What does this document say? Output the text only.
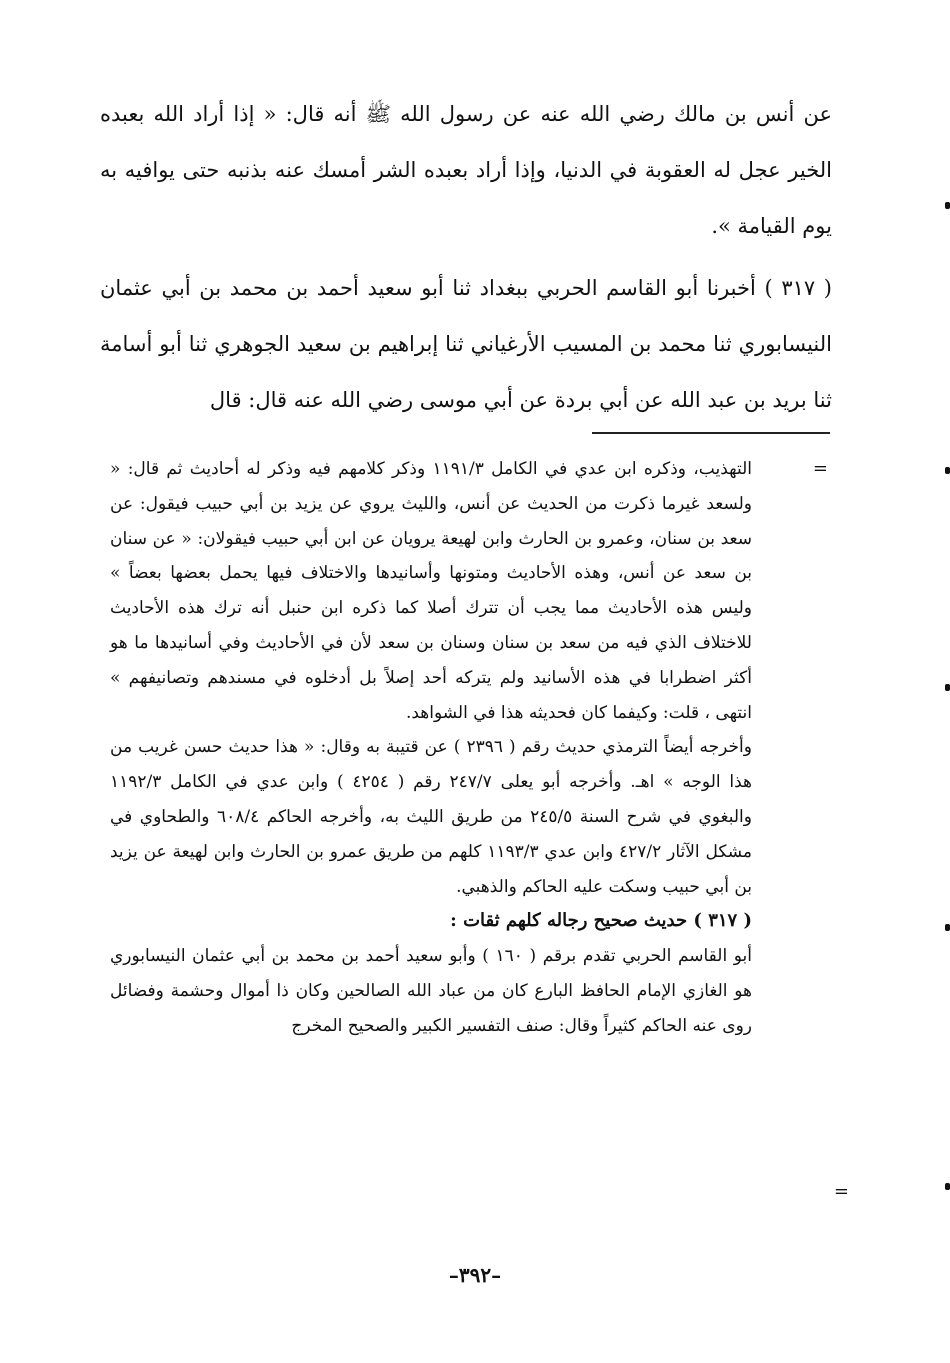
عن أنس بن مالك رضي الله عنه عن رسول الله ﷺ أنه قال: « إذا أراد الله بعبده الخير عجل له العقوبة في الدنيا، وإذا أراد بعبده الشر أمسك عنه بذنبه حتى يوافيه به يوم القيامة ».

( ٣١٧ ) أخبرنا أبو القاسم الحربي ببغداد ثنا أبو سعيد أحمد بن محمد بن أبي عثمان النيسابوري ثنا محمد بن المسيب الأرغياني ثنا إبراهيم بن سعيد الجوهري ثنا أبو أسامة ثنا بريد بن عبد الله عن أبي بردة عن أبي موسى رضي الله عنه قال: قال

=

التهذيب، وذكره ابن عدي في الكامل ١١٩١/٣ وذكر كلامهم فيه وذكر له أحاديث ثم قال: « ولسعد غيرما ذكرت من الحديث عن أنس، والليث يروي عن يزيد بن أبي حبيب فيقول: عن سعد بن سنان، وعمرو بن الحارث وابن لهيعة يرويان عن ابن أبي حبيب فيقولان: « عن سنان بن سعد عن أنس، وهذه الأحاديث ومتونها وأسانيدها والاختلاف فيها يحمل بعضها بعضاً » وليس هذه الأحاديث مما يجب أن تترك أصلا كما ذكره ابن حنبل أنه ترك هذه الأحاديث للاختلاف الذي فيه من سعد بن سنان وسنان بن سعد لأن في الأحاديث وفي أسانيدها ما هو أكثر اضطرابا في هذه الأسانيد ولم يتركه أحد إصلاً بل أدخلوه في مسندهم وتصانيفهم » انتهى ، قلت: وكيفما كان فحديثه هذا في الشواهد.

وأخرجه أيضاً الترمذي حديث رقم ( ٢٣٩٦ ) عن قتيبة به وقال: « هذا حديث حسن غريب من هذا الوجه » اهـ. وأخرجه أبو يعلى ٢٤٧/٧ رقم ( ٤٢٥٤ ) وابن عدي في الكامل ١١٩٢/٣ والبغوي في شرح السنة ٢٤٥/٥ من طريق الليث به، وأخرجه الحاكم ٦٠٨/٤ والطحاوي في مشكل الآثار ٤٢٧/٢ وابن عدي ١١٩٣/٣ كلهم من طريق عمرو بن الحارث وابن لهيعة عن يزيد بن أبي حبيب وسكت عليه الحاكم والذهبي.

( ٣١٧ ) حديث صحيح رجاله كلهم ثقات :

أبو القاسم الحربي تقدم برقم ( ١٦٠ ) وأبو سعيد أحمد بن محمد بن أبي عثمان النيسابوري هو الغازي الإمام الحافظ البارع كان من عباد الله الصالحين وكان ذا أموال وحشمة وفضائل روى عنه الحاكم كثيراً وقال: صنف التفسير الكبير والصحيح المخرج

=
–٣٩٢–
